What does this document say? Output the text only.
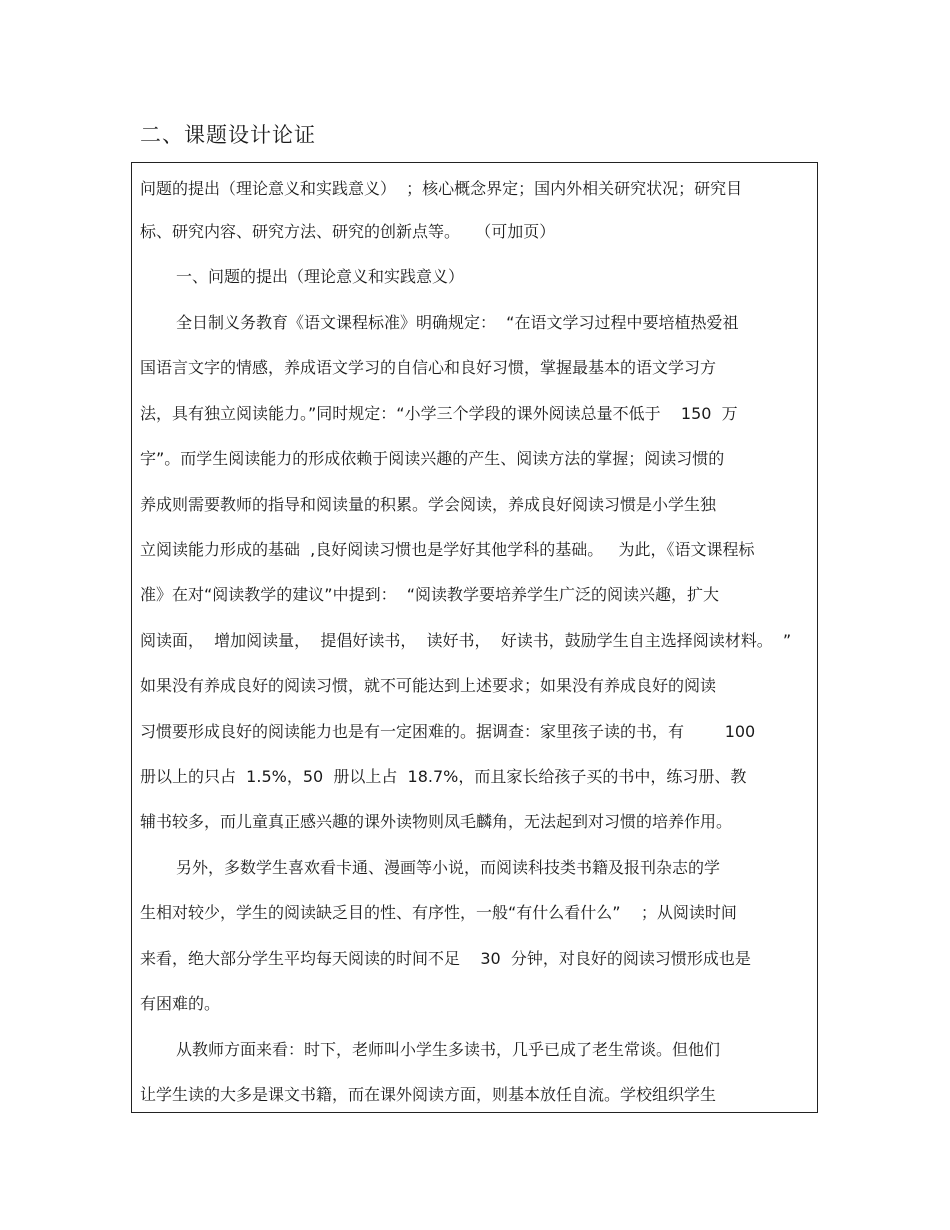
二、课题设计论证
问题的提出（理论意义和实践意义）  ；核心概念界定；国内外相关研究状况；研究目
标、研究内容、研究方法、研究的创新点等。   （可加页）
一、问题的提出（理论意义和实践意义）
全日制义务教育《语文课程标准》明确规定：  “在语文学习过程中要培植热爱祖
国语言文字的情感，养成语文学习的自信心和良好习惯，掌握最基本的语文学习方
法，具有独立阅读能力。”同时规定：“小学三个学段的课外阅读总量不低于    150  万
字”。而学生阅读能力的形成依赖于阅读兴趣的产生、阅读方法的掌握；阅读习惯的
养成则需要教师的指导和阅读量的积累。学会阅读，养成良好阅读习惯是小学生独
立阅读能力形成的基础  ,良好阅读习惯也是学好其他学科的基础。   为此，《语文课程标
准》在对“阅读教学的建议”中提到：  “阅读教学要培养学生广泛的阅读兴趣，扩大
阅读面，  增加阅读量，  提倡好读书，  读好书，  好读书，鼓励学生自主选择阅读材料。  ”
如果没有养成良好的阅读习惯，就不可能达到上述要求；如果没有养成良好的阅读
习惯要形成良好的阅读能力也是有一定困难的。据调查：家里孩子读的书，有        100
册以上的只占  1.5%，50  册以上占  18.7%，而且家长给孩子买的书中，练习册、教
辅书较多，而儿童真正感兴趣的课外读物则凤毛麟角，无法起到对习惯的培养作用。
另外，多数学生喜欢看卡通、漫画等小说，而阅读科技类书籍及报刊杂志的学
生相对较少，学生的阅读缺乏目的性、有序性，一般“有什么看什么”    ；从阅读时间
来看，绝大部分学生平均每天阅读的时间不足    30  分钟，对良好的阅读习惯形成也是
有困难的。
从教师方面来看：时下，老师叫小学生多读书，几乎已成了老生常谈。但他们
让学生读的大多是课文书籍，而在课外阅读方面，则基本放任自流。学校组织学生
